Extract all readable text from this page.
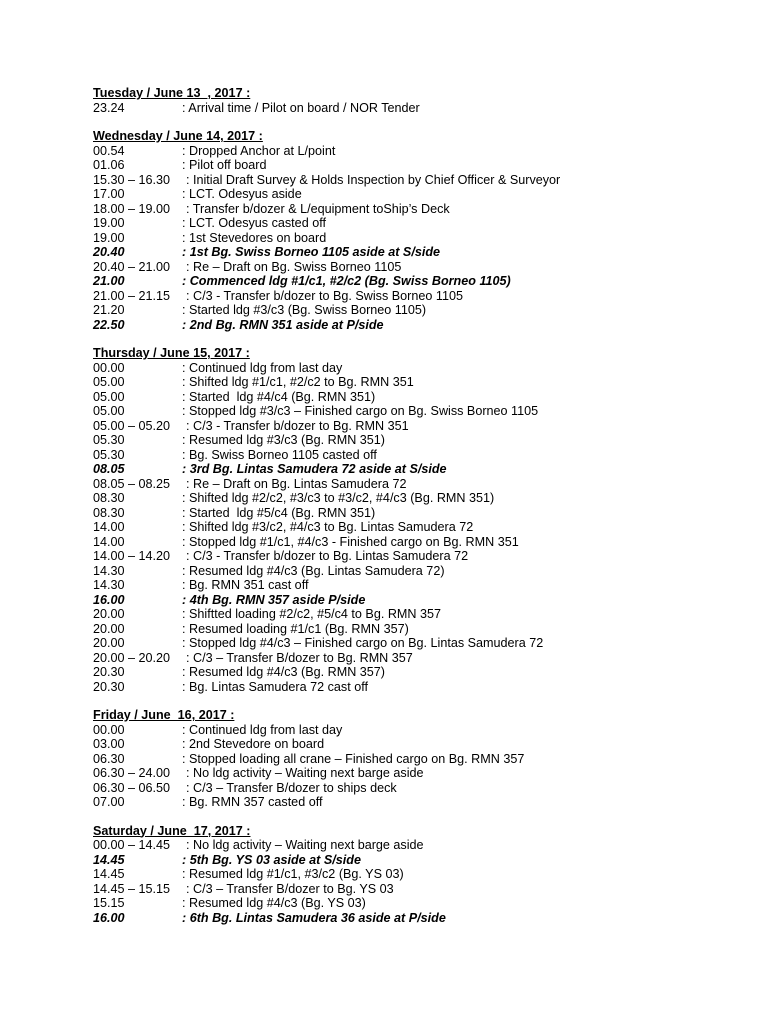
Tuesday / June 13  , 2017 :
23.24	: Arrival time / Pilot on board / NOR Tender
Wednesday / June 14, 2017 :
00.54	: Dropped Anchor at L/point
01.06	: Pilot off board
15.30 – 16.30 : Initial Draft Survey & Holds Inspection by Chief Officer & Surveyor
17.00	: LCT. Odesyus aside
18.00 – 19.00 : Transfer b/dozer & L/equipment toShip’s Deck
19.00	: LCT. Odesyus casted off
19.00	: 1st Stevedores on board
20.40	: 1st Bg. Swiss Borneo 1105 aside at S/side
20.40 – 21.00 : Re – Draft on Bg. Swiss Borneo 1105
21.00	: Commenced ldg #1/c1, #2/c2 (Bg. Swiss Borneo 1105)
21.00 – 21.15 : C/3 - Transfer b/dozer to Bg. Swiss Borneo 1105
21.20	: Started ldg #3/c3 (Bg. Swiss Borneo 1105)
22.50	: 2nd Bg. RMN 351 aside at P/side
Thursday / June 15, 2017 :
00.00	: Continued ldg from last day
05.00	: Shifted ldg #1/c1, #2/c2 to Bg. RMN 351
05.00	: Started  ldg #4/c4 (Bg. RMN 351)
05.00	: Stopped ldg #3/c3 – Finished cargo on Bg. Swiss Borneo 1105
05.00 – 05.20 : C/3 - Transfer b/dozer to Bg. RMN 351
05.30	: Resumed ldg #3/c3 (Bg. RMN 351)
05.30	: Bg. Swiss Borneo 1105 casted off
08.05	: 3rd Bg. Lintas Samudera 72 aside at S/side
08.05 – 08.25 : Re – Draft on Bg. Lintas Samudera 72
08.30	: Shifted ldg #2/c2, #3/c3 to #3/c2, #4/c3 (Bg. RMN 351)
08.30	: Started  ldg #5/c4 (Bg. RMN 351)
14.00	: Shifted ldg #3/c2, #4/c3 to Bg. Lintas Samudera 72
14.00	: Stopped ldg #1/c1, #4/c3 - Finished cargo on Bg. RMN 351
14.00 – 14.20 : C/3 - Transfer b/dozer to Bg. Lintas Samudera 72
14.30	: Resumed ldg #4/c3 (Bg. Lintas Samudera 72)
14.30	: Bg. RMN 351 cast off
16.00	: 4th Bg. RMN 357 aside P/side
20.00	: Shiftted loading #2/c2, #5/c4 to Bg. RMN 357
20.00	: Resumed loading #1/c1 (Bg. RMN 357)
20.00	: Stopped ldg #4/c3 – Finished cargo on Bg. Lintas Samudera 72
20.00 – 20.20 : C/3 – Transfer B/dozer to Bg. RMN 357
20.30	: Resumed ldg #4/c3 (Bg. RMN 357)
20.30	: Bg. Lintas Samudera 72 cast off
Friday / June  16, 2017 :
00.00	: Continued ldg from last day
03.00	: 2nd Stevedore on board
06.30	: Stopped loading all crane – Finished cargo on Bg. RMN 357
06.30 – 24.00 : No ldg activity – Waiting next barge aside
06.30 – 06.50 : C/3 – Transfer B/dozer to ships deck
07.00	: Bg. RMN 357 casted off
Saturday / June  17, 2017 :
00.00 – 14.45 : No ldg activity – Waiting next barge aside
14.45	: 5th Bg. YS 03 aside at S/side
14.45	: Resumed ldg #1/c1, #3/c2 (Bg. YS 03)
14.45 – 15.15 : C/3 – Transfer B/dozer to Bg. YS 03
15.15	: Resumed ldg #4/c3 (Bg. YS 03)
16.00	: 6th Bg. Lintas Samudera 36 aside at P/side
